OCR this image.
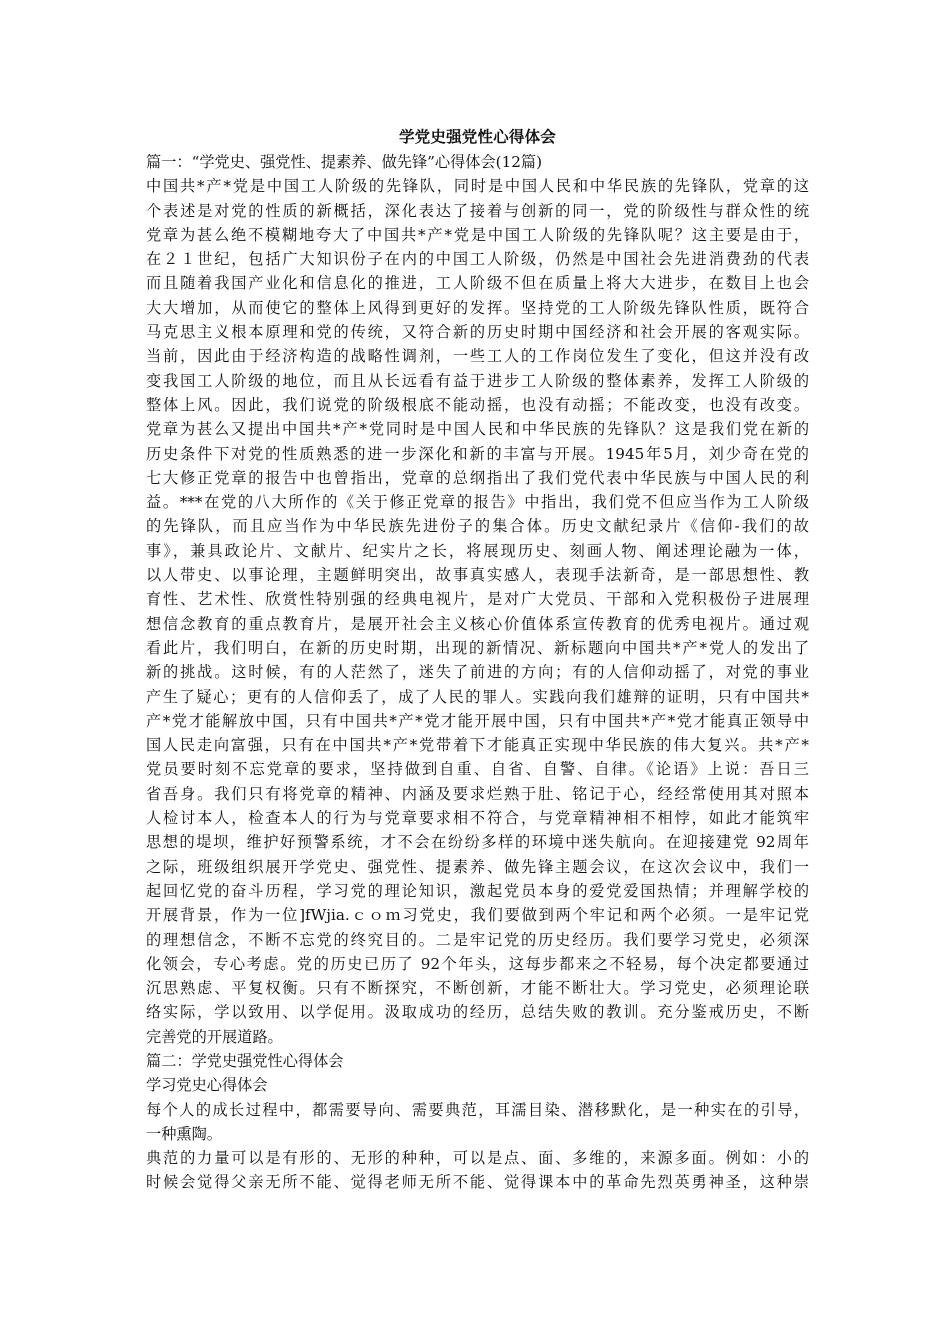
学党史强党性心得体会

篇一：“学党史、强党性、提素养、做先锋”心得体会(12篇)

中国共*产*党是中国工人阶级的先锋队，同时是中国人民和中华民族的先锋队，党章的这

个表述是对党的性质的新概括，深化表达了接着与创新的同一，党的阶级性与群众性的统

党章为甚么绝不模糊地夸大了中国共*产*党是中国工人阶级的先锋队呢？这主要是由于，

在２１世纪，包括广大知识份子在内的中国工人阶级，仍然是中国社会先进消费劲的代表

而且随着我国产业化和信息化的推进，工人阶级不但在质量上将大大进步，在数目上也会

大大增加，从而使它的整体上风得到更好的发挥。坚持党的工人阶级先锋队性质，既符合

马克思主义根本原理和党的传统，又符合新的历史时期中国经济和社会开展的客观实际。

当前，因此由于经济构造的战略性调剂，一些工人的工作岗位发生了变化，但这并没有改

变我国工人阶级的地位，而且从长远看有益于进步工人阶级的整体素养，发挥工人阶级的

整体上风。因此，我们说党的阶级根底不能动摇，也没有动摇；不能改变，也没有改变。

党章为甚么又提出中国共*产*党同时是中国人民和中华民族的先锋队？这是我们党在新的

历史条件下对党的性质熟悉的进一步深化和新的丰富与开展。1945年5月，刘少奇在党的

七大修正党章的报告中也曾指出，党章的总纲指出了我们党代表中华民族与中国人民的利

益。***在党的八大所作的《关于修正党章的报告》中指出，我们党不但应当作为工人阶级

的先锋队，而且应当作为中华民族先进份子的集合体。历史文献纪录片《信仰-我们的故

事》，兼具政论片、文献片、纪实片之长，将展现历史、刻画人物、阐述理论融为一体，

以人带史、以事论理，主题鲜明突出，故事真实感人，表现手法新奇，是一部思想性、教

育性、艺术性、欣赏性特别强的经典电视片，是对广大党员、干部和入党积极份子进展理

想信念教育的重点教育片，是展开社会主义核心价值体系宣传教育的优秀电视片。通过观

看此片，我们明白，在新的历史时期，出现的新情况、新标题向中国共*产*党人的发出了

新的挑战。这时候，有的人茫然了，迷失了前进的方向；有的人信仰动摇了，对党的事业

产生了疑心；更有的人信仰丢了，成了人民的罪人。实践向我们雄辩的证明，只有中国共*

产*党才能解放中国，只有中国共*产*党才能开展中国，只有中国共*产*党才能真正领导中

国人民走向富强，只有在中国共*产*党带着下才能真正实现中华民族的伟大复兴。共*产*

党员要时刻不忘党章的要求，坚持做到自重、自省、自警、自律。《论语》上说：吾日三

省吾身。我们只有将党章的精神、内涵及要求烂熟于肚、铭记于心，经经常使用其对照本

人检讨本人，检查本人的行为与党章要求相不符合，与党章精神相不相悖，如此才能筑牢

思想的堤坝，维护好预警系统，才不会在纷纷多样的环境中迷失航向。在迎接建党 92周年

之际，班级组织展开学党史、强党性、提素养、做先锋主题会议，在这次会议中，我们一

起回忆党的奋斗历程，学习党的理论知识，激起党员本身的爱党爱国热情；并理解学校的

开展背景，作为一位]fWjia.ｃｏｍ习党史，我们要做到两个牢记和两个必须。一是牢记党

的理想信念，不断不忘党的终究目的。二是牢记党的历史经历。我们要学习党史，必须深

化领会，专心考虑。党的历史已历了 92个年头，这每步都来之不轻易，每个决定都要通过

沉思熟虑、平复权衡。只有不断探究，不断创新，才能不断壮大。学习党史，必须理论联

络实际，学以致用、以学促用。汲取成功的经历，总结失败的教训。充分鉴戒历史，不断

完善党的开展道路。

篇二：学党史强党性心得体会

学习党史心得体会

每个人的成长过程中，都需要导向、需要典范，耳濡目染、潜移默化，是一种实在的引导，

一种熏陶。

典范的力量可以是有形的、无形的种种，可以是点、面、多维的，来源多面。例如：小的

时候会觉得父亲无所不能、觉得老师无所不能、觉得课本中的革命先烈英勇神圣，这种崇
